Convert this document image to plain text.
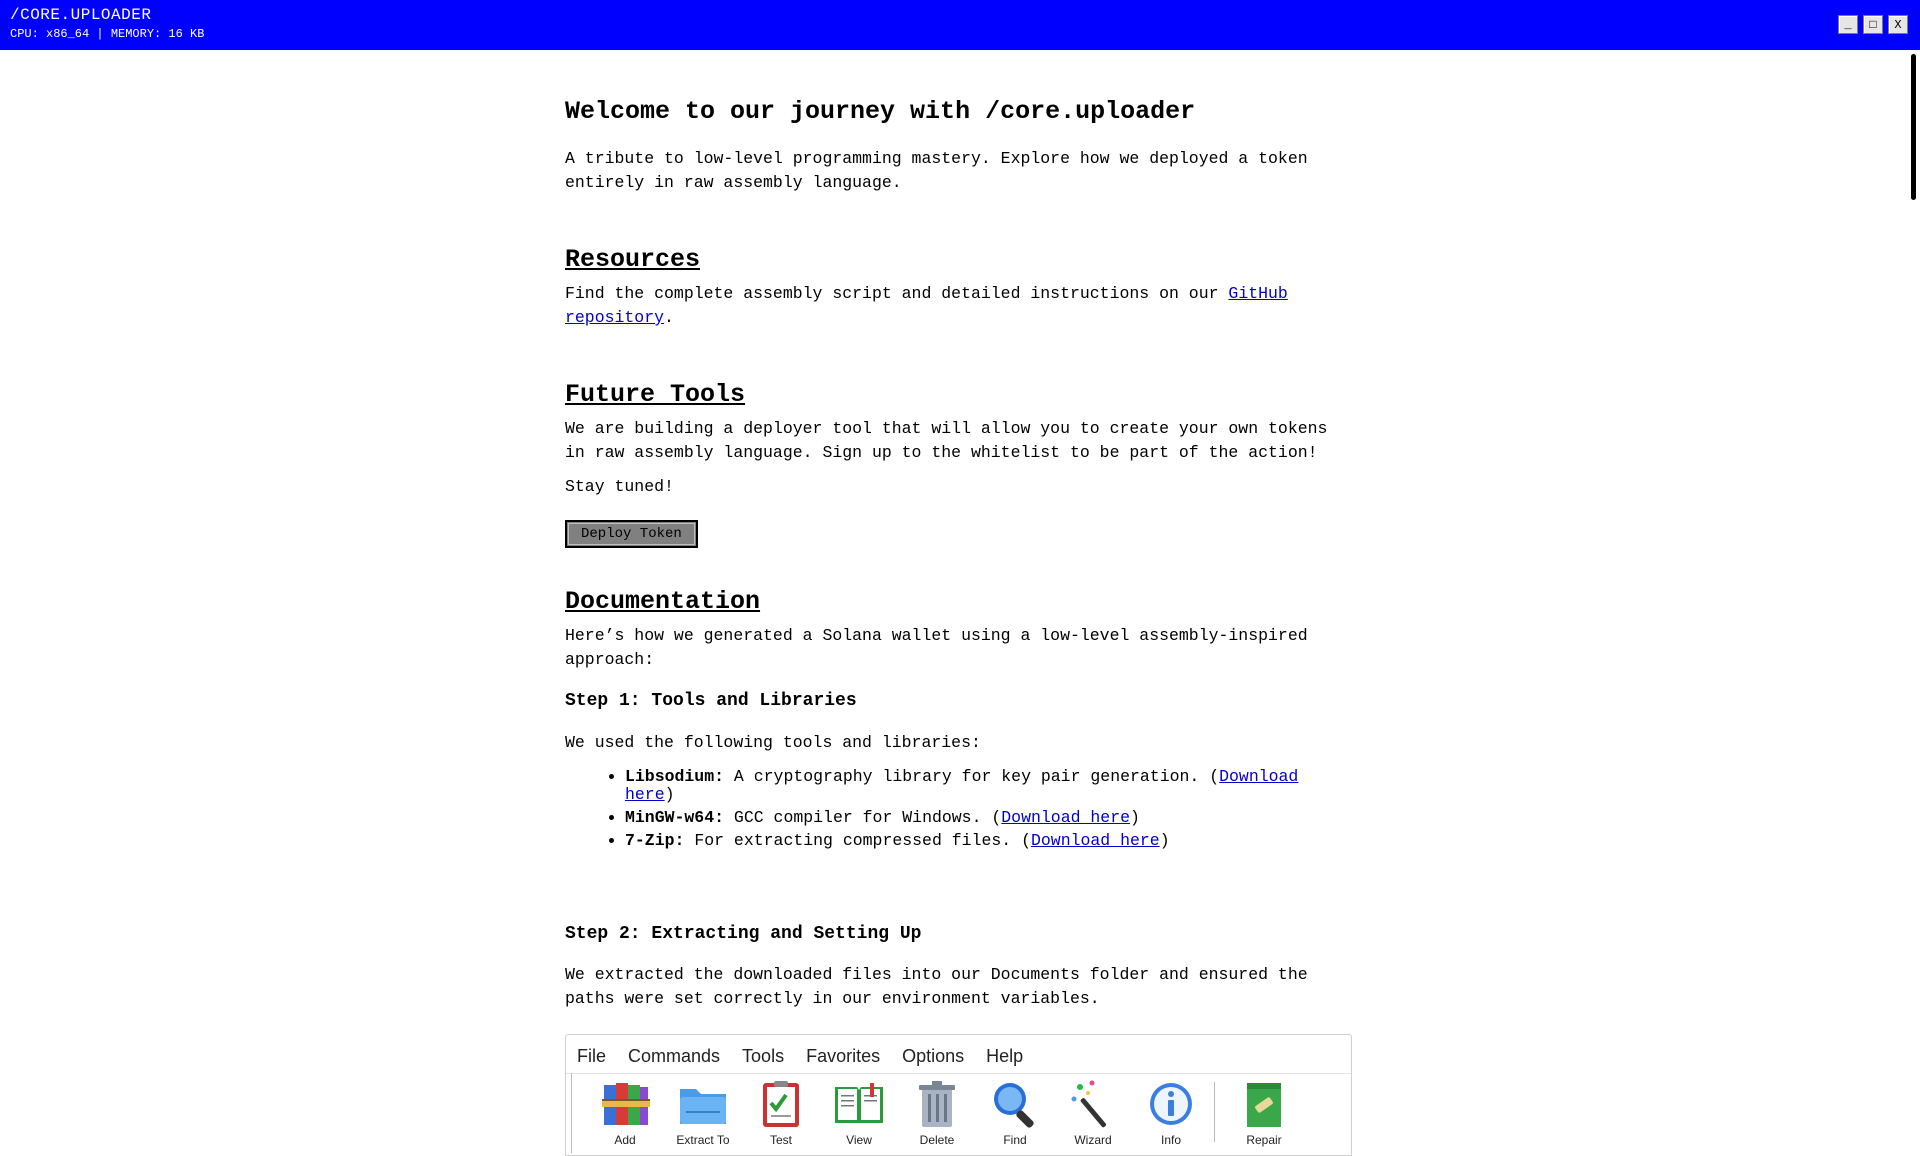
/CORE.UPLOADER
CPU: x86_64 | MEMORY: 16 KB
_	□	X
Welcome to our journey with /core.uploader

A tribute to low-level programming mastery. Explore how we deployed a token entirely in raw assembly language.

Resources

Find the complete assembly script and detailed instructions on our GitHub repository.

Future Tools

We are building a deployer tool that will allow you to create your own tokens in raw assembly language. Sign up to the whitelist to be part of the action!

Stay tuned!

Deploy Token
Documentation

Here’s how we generated a Solana wallet using a low-level assembly-inspired approach:

Step 1: Tools and Libraries

We used the following tools and libraries:

• Libsodium: A cryptography library for key pair generation. (Download here)
• MinGW-w64: GCC compiler for Windows. (Download here)
• 7-Zip: For extracting compressed files. (Download here)
Step 2: Extracting and Setting Up

We extracted the downloaded files into our Documents folder and ensured the paths were set correctly in our environment variables.

File	Commands	Tools	Favorites	Options	Help
Add	Extract To	Test	View	Delete	Find	Wizard	Info	Repair
